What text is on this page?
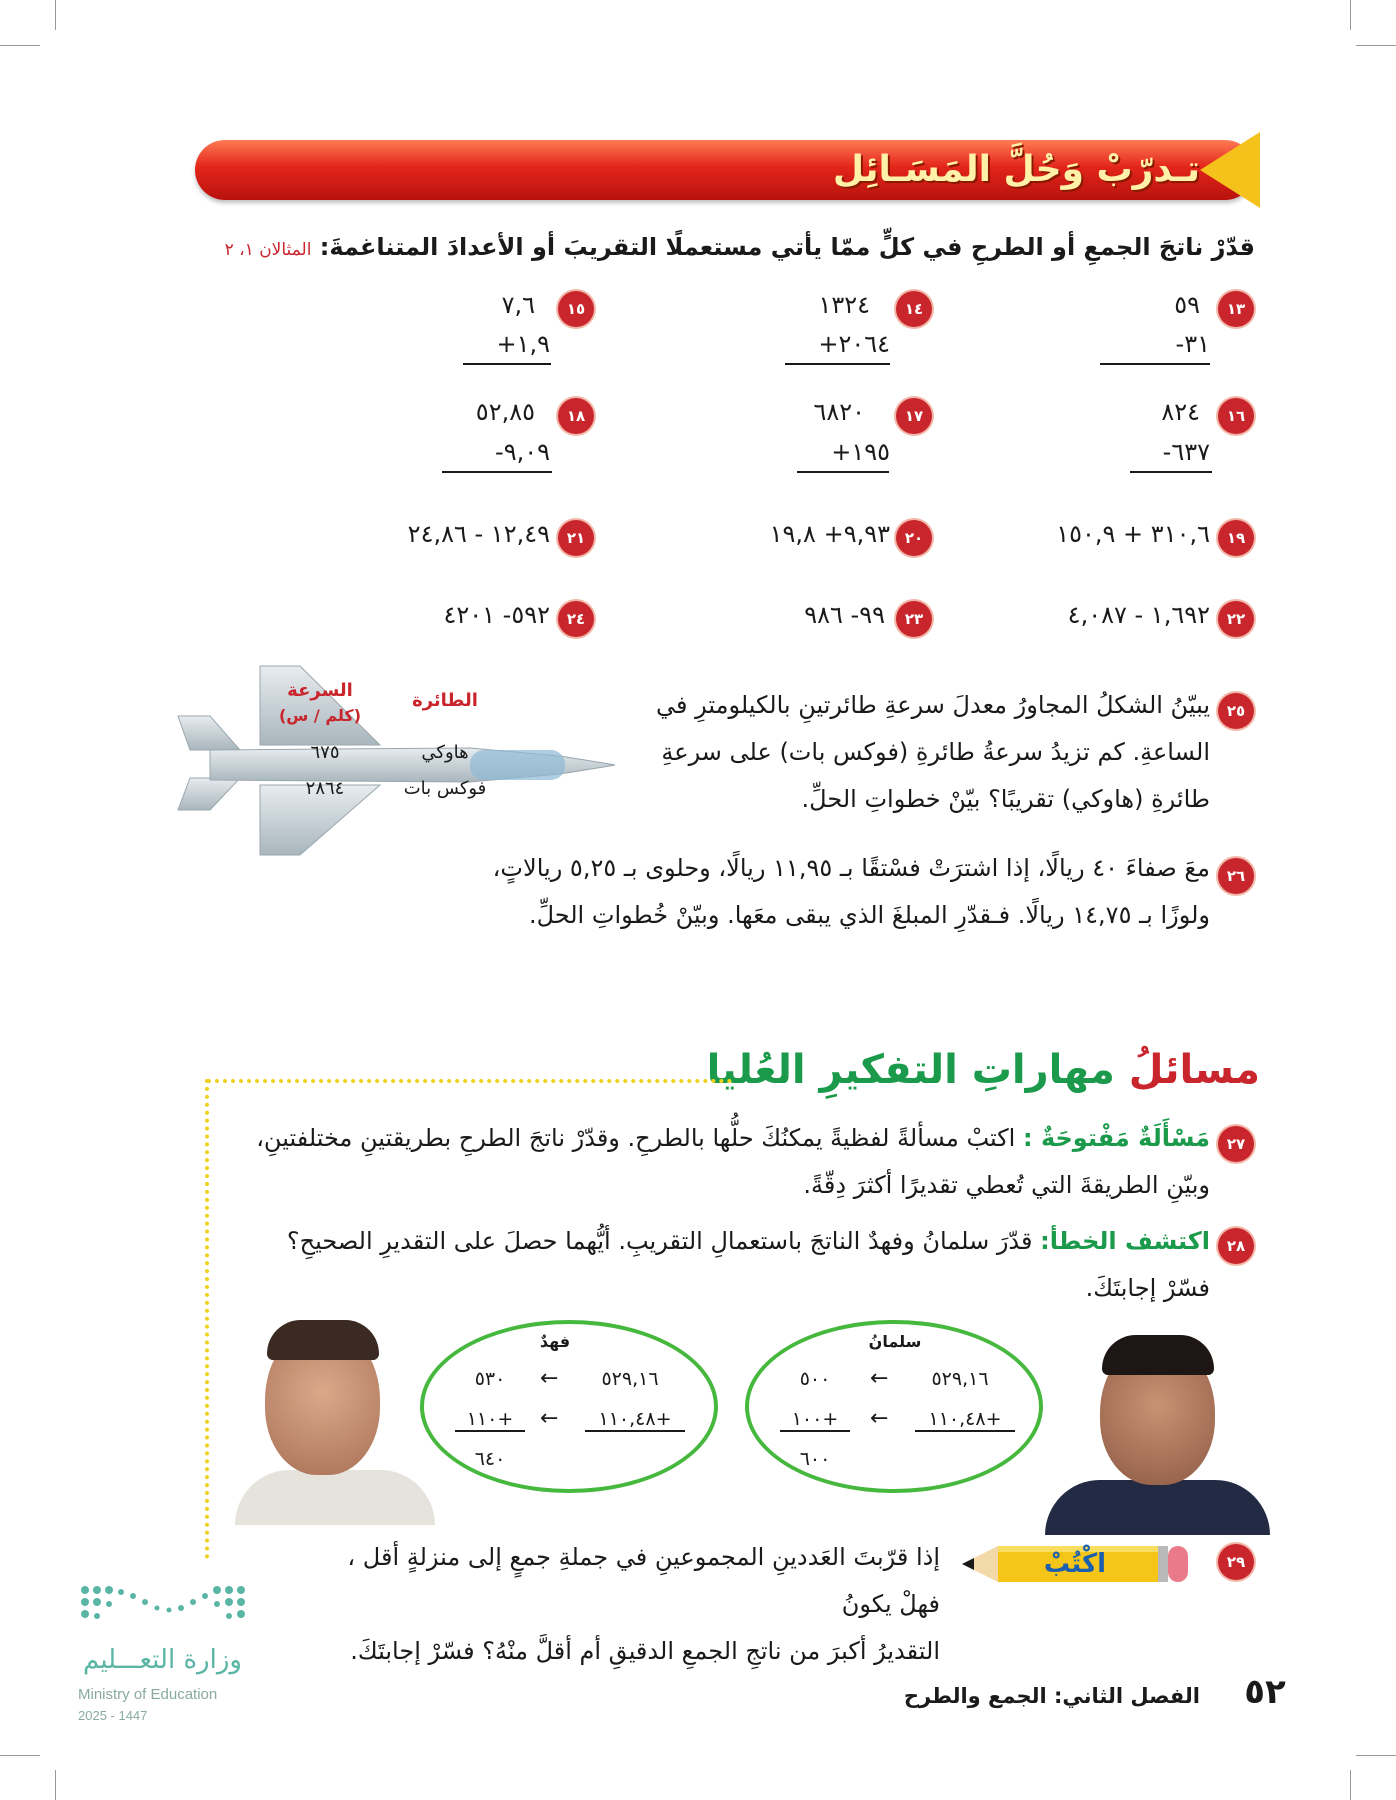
تـدرّبْ وَحُلَّ المَسَـائِل
قدّرْ ناتجَ الجمعِ أو الطرحِ في كلٍّ ممّا يأتي مستعملًا التقريبَ أو الأعدادَ المتناغمةَ: المثالان ١، ٢
١٣
٥٩
٣١-
١٤
١٣٢٤
٢٠٦٤+
١٥
٧,٦
١,٩+
١٦
٨٢٤
٦٣٧-
١٧
٦٨٢٠
١٩٥+
١٨
٥٢,٨٥
٩,٠٩-
١٩
٣١٠,٦ + ١٥٠,٩
٢٠
٩,٩٣+ ١٩,٨
٢١
١٢,٤٩ - ٢٤,٨٦
٢٢
١,٦٩٢ - ٤,٠٨٧
٢٣
٩٩- ٩٨٦
٢٤
٥٩٢- ٤٢٠١
٢٥
يبيّنُ الشكلُ المجاورُ معدلَ سرعةِ طائرتينِ بالكيلومترِ في
الساعةِ. كم تزيدُ سرعةُ طائرةِ (فوكس بات) على سرعةِ
طائرةِ (هاوكي) تقريبًا؟ بيّنْ خطواتِ الحلِّ.
الطائرة
السرعة
(كلم / س)
هاوكي
٦٧٥
فوكس بات
٢٨٦٤
٢٦
معَ صفاءَ ٤٠ ريالًا، إذا اشترَتْ فسْتقًا بـ ١١,٩٥ ريالًا، وحلوى بـ ٥,٢٥ ريالاتٍ،
ولوزًا بـ ١٤,٧٥ ريالًا. فـقدّرِ المبلغَ الذي يبقى معَها. وبيّنْ خُطواتِ الحلِّ.
مسائلُ مهاراتِ التفكيرِ العُليا
٢٧
مَسْأَلَةٌ مَفْتوحَةٌ : اكتبْ مسألةً لفظيةً يمكنُكَ حلُّها بالطرحِ. وقدّرْ ناتجَ الطرحِ بطريقتينِ مختلفتينِ،
وبيّنِ الطريقةَ التي تُعطي تقديرًا أكثرَ دِقّةً.
٢٨
اكتشف الخطأ: قدّرَ سلمانُ وفهدٌ الناتجَ باستعمالِ التقريبِ. أيُّهما حصلَ على التقديرِ الصحيحِ؟
فسّرْ إجابتَكَ.
فهدٌ
٥٢٩,١٦
←
٥٣٠
١١٠,٤٨+
←
١١٠+
٦٤٠
سلمانُ
٥٢٩,١٦
←
٥٠٠
١١٠,٤٨+
←
١٠٠+
٦٠٠
٢٩
اكْتُبْ
إذا قرّبتَ العَددينِ المجموعينِ في جملةِ جمعٍ إلى منزلةٍ أقل ، فهلْ يكونُ
التقديرُ أكبرَ من ناتجِ الجمعِ الدقيقِ أم أقلَّ منْهُ؟ فسّرْ إجابتَكَ.
وزارة التعـــليم
Ministry of Education
2025 - 1447
الفصل الثاني: الجمع والطرح	٥٢
